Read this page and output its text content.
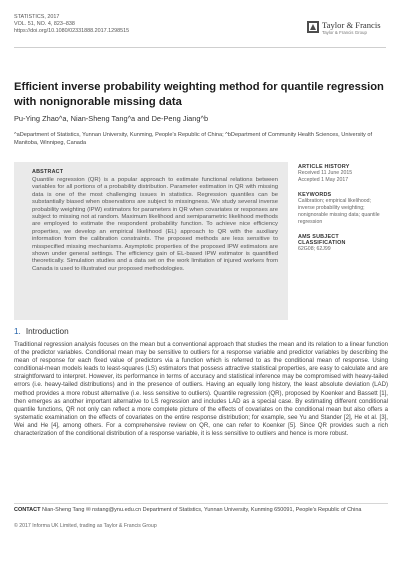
STATISTICS, 2017
VOL. 51, NO. 4, 823–838
https://doi.org/10.1080/02331888.2017.1298515
Taylor & Francis
Taylor & Francis Group
Efficient inverse probability weighting method for quantile regression with nonignorable missing data
Pu-Ying Zhao^a, Nian-Sheng Tang^a and De-Peng Jiang^b
^aDepartment of Statistics, Yunnan University, Kunming, People's Republic of China; ^bDepartment of Community Health Sciences, University of Manitoba, Winnipeg, Canada
ABSTRACT
Quantile regression (QR) is a popular approach to estimate functional relations between variables for all portions of a probability distribution. Parameter estimation in QR with missing data is one of the most challenging issues in statistics. Regression quantiles can be substantially biased when observations are subject to missingness. We study several inverse probability weighting (IPW) estimators for parameters in QR when covariates or responses are subject to missing not at random. Maximum likelihood and semiparametric likelihood methods are employed to estimate the respondent probability function. To achieve nice efficiency properties, we develop an empirical likelihood (EL) approach to QR with the auxiliary information from the calibration constraints. The proposed methods are less sensitive to misspecified missing mechanisms. Asymptotic properties of the proposed IPW estimators are shown under general settings. The efficiency gain of EL-based IPW estimator is quantified theoretically. Simulation studies and a data set on the work limitation of injured workers from Canada is used to illustrated our proposed methodologies.
ARTICLE HISTORY
Received 11 June 2015
Accepted 1 May 2017
KEYWORDS
Calibration; empirical likelihood; inverse probability weighting; nonignorable missing data; quantile regression
AMS SUBJECT CLASSIFICATION
62G08; 62J99
1. Introduction
Traditional regression analysis focuses on the mean but a conventional approach that studies the mean and its relation to a linear function of the predictor variables. Conditional mean may be sensitive to outliers for a response variable and predictor variables by describing the mean of response for each fixed value of predictors via a function which is referred to as the conditional mean of response. Using conditional-mean models leads to least-squares (LS) estimators that possess attractive statistical properties, are easy to calculate and are straightforward to interpret. However, its performance in terms of accuracy and statistical inference may be compromised with heavy-tailed errors (i.e. heavy-tailed distributions) and in the presence of outliers. Having an equally long history, the least absolute deviation (LAD) method provides a more robust alternative (i.e. less sensitive to outliers). Quantile regression (QR), proposed by Koenker and Bassett [1], then emerges as another important alternative to LS regression and includes LAD as a special case. By estimating different conditional quantile functions, QR not only can reflect a more complete picture of the effects of covariates on the conditional mean but also offers a systematic examination on the effects of covariates on the entire response distribution; for example, see Yu and Stander [2], He et al. [3], Wei and He [4], among others. For a comprehensive review on QR, one can refer to Koenker [5]. Since QR provides such a rich characterization of the conditional distribution of a response variable, it is less sensitive to outliers and hence is more robust.
CONTACT Nian-Sheng Tang ✉ nstang@ynu.edu.cn Department of Statistics, Yunnan University, Kunming 650091, People's Republic of China
© 2017 Informa UK Limited, trading as Taylor & Francis Group
